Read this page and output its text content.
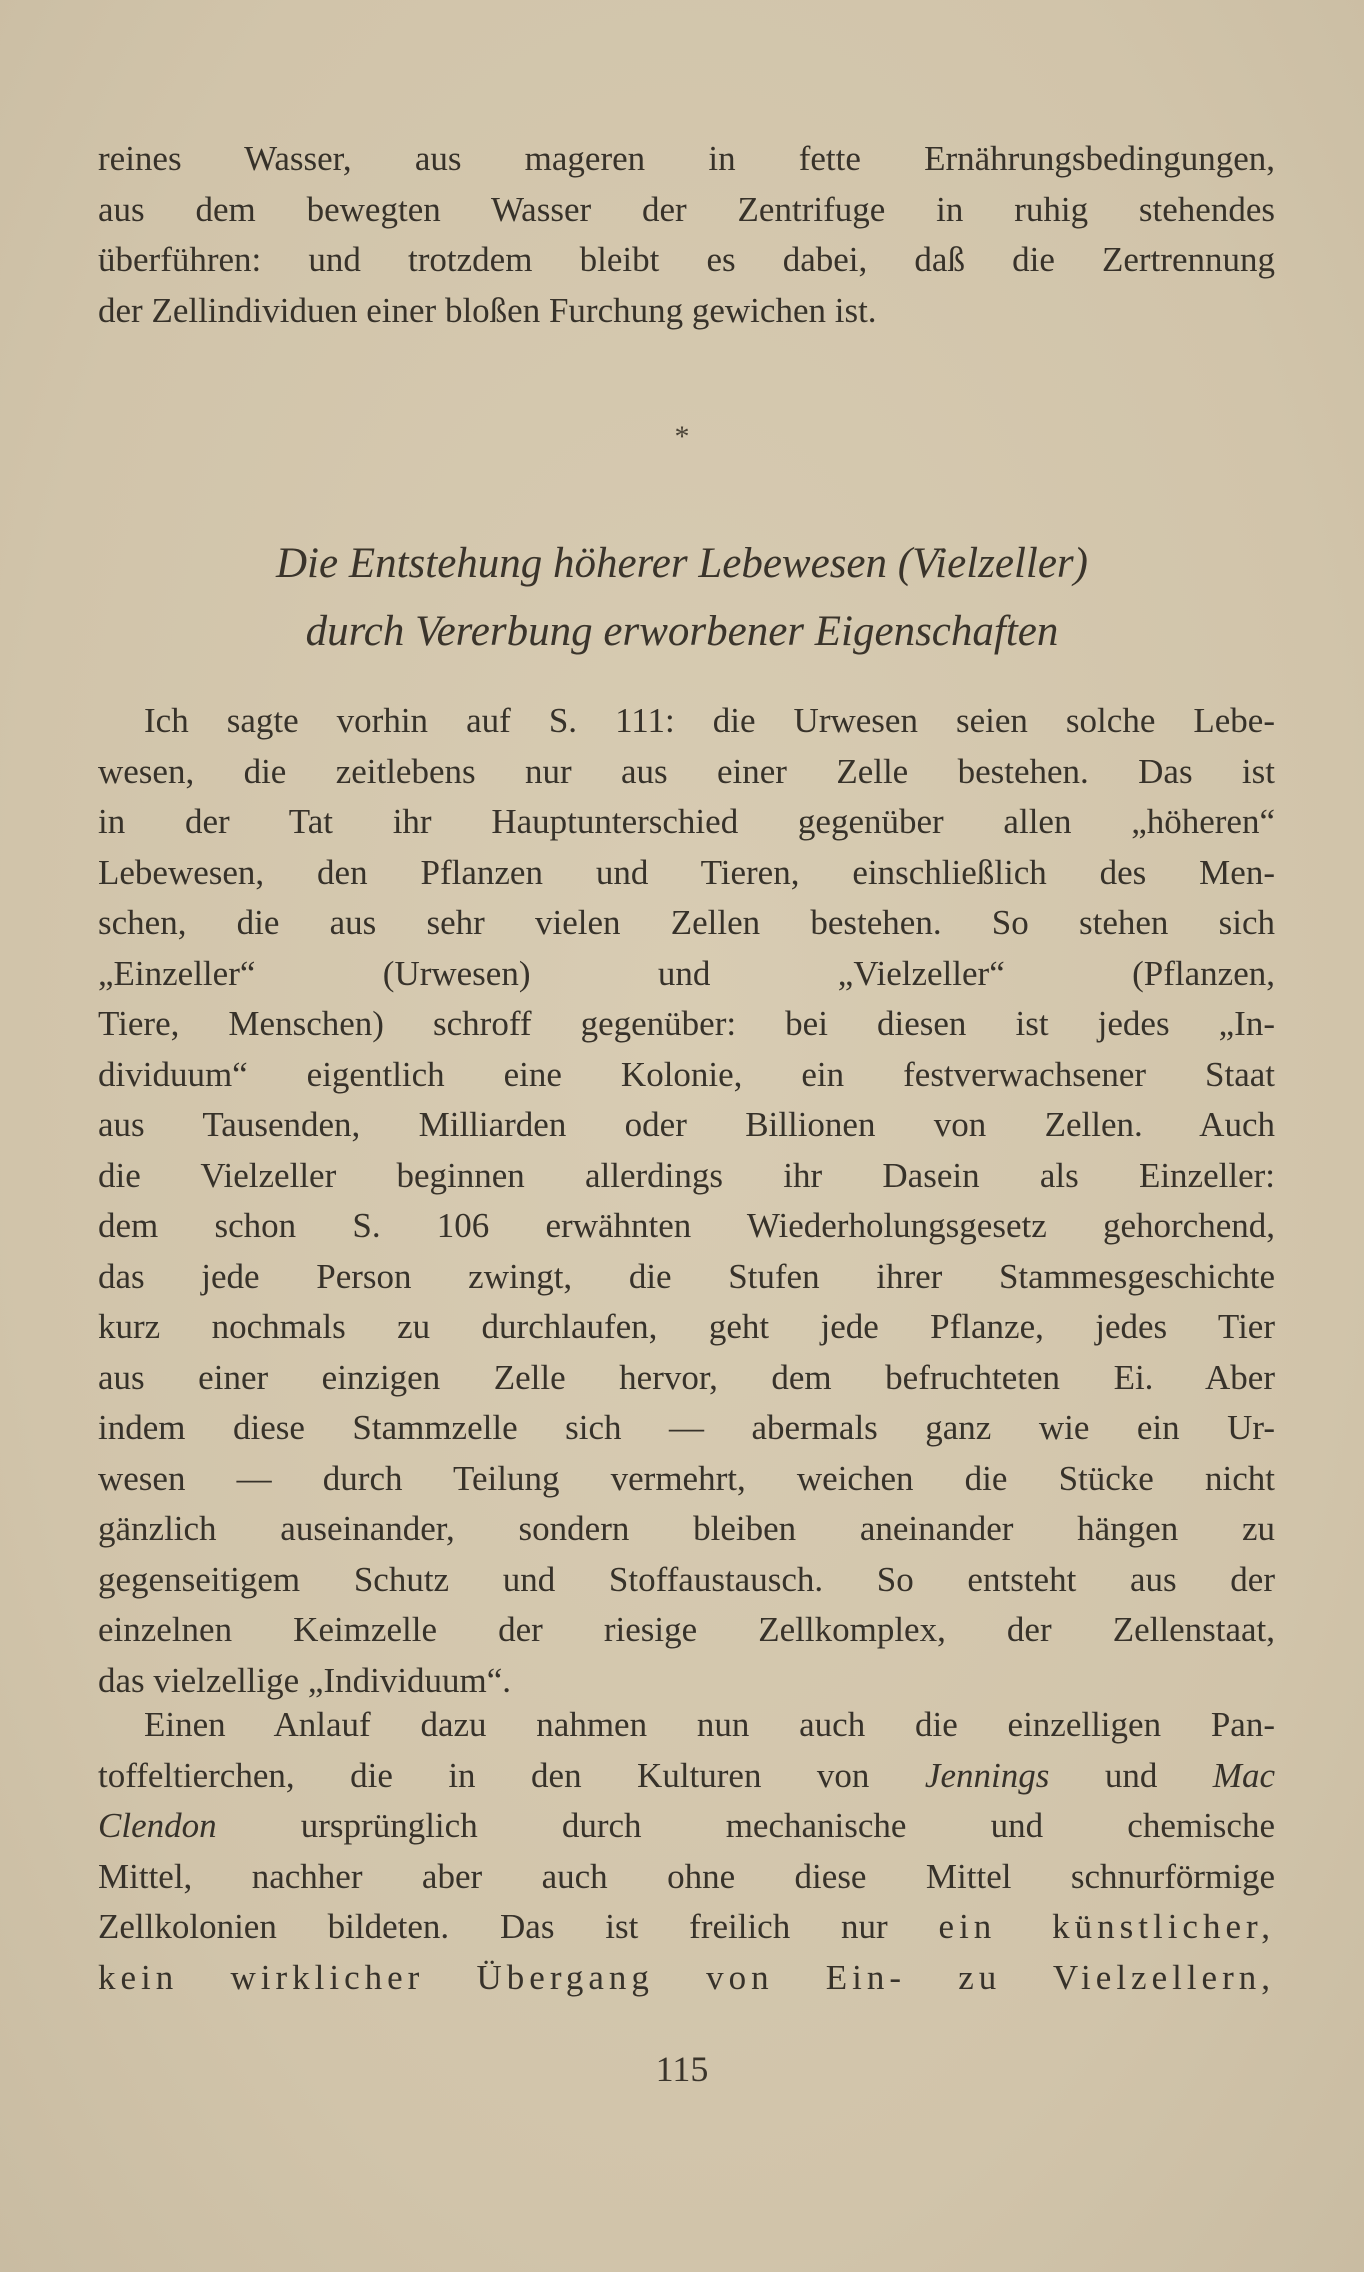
reines Wasser, aus mageren in fette Ernährungsbedingungen,
aus dem bewegten Wasser der Zentrifuge in ruhig stehendes
überführen: und trotzdem bleibt es dabei, daß die Zertrennung
der Zellindividuen einer bloßen Furchung gewichen ist.
*
Die Entstehung höherer Lebewesen (Vielzeller)
durch Vererbung erworbener Eigenschaften
Ich sagte vorhin auf S. 111: die Urwesen seien solche Lebe-
wesen, die zeitlebens nur aus einer Zelle bestehen. Das ist
in der Tat ihr Hauptunterschied gegenüber allen „höheren“
Lebewesen, den Pflanzen und Tieren, einschließlich des Men-
schen, die aus sehr vielen Zellen bestehen. So stehen sich
„Einzeller“ (Urwesen) und „Vielzeller“ (Pflanzen,
Tiere, Menschen) schroff gegenüber: bei diesen ist jedes „In-
dividuum“ eigentlich eine Kolonie, ein festverwachsener Staat
aus Tausenden, Milliarden oder Billionen von Zellen. Auch
die Vielzeller beginnen allerdings ihr Dasein als Einzeller:
dem schon S. 106 erwähnten Wiederholungsgesetz gehorchend,
das jede Person zwingt, die Stufen ihrer Stammesgeschichte
kurz nochmals zu durchlaufen, geht jede Pflanze, jedes Tier
aus einer einzigen Zelle hervor, dem befruchteten Ei. Aber
indem diese Stammzelle sich — abermals ganz wie ein Ur-
wesen — durch Teilung vermehrt, weichen die Stücke nicht
gänzlich auseinander, sondern bleiben aneinander hängen zu
gegenseitigem Schutz und Stoffaustausch. So entsteht aus der
einzelnen Keimzelle der riesige Zellkomplex, der Zellenstaat,
das vielzellige „Individuum“.
Einen Anlauf dazu nahmen nun auch die einzelligen Pan-
toffeltierchen, die in den Kulturen von Jennings und Mac
Clendon ursprünglich durch mechanische und chemische
Mittel, nachher aber auch ohne diese Mittel schnurförmige
Zellkolonien bildeten. Das ist freilich nur ein künstlicher,
kein wirklicher Übergang von Ein- zu Vielzellern,
115
